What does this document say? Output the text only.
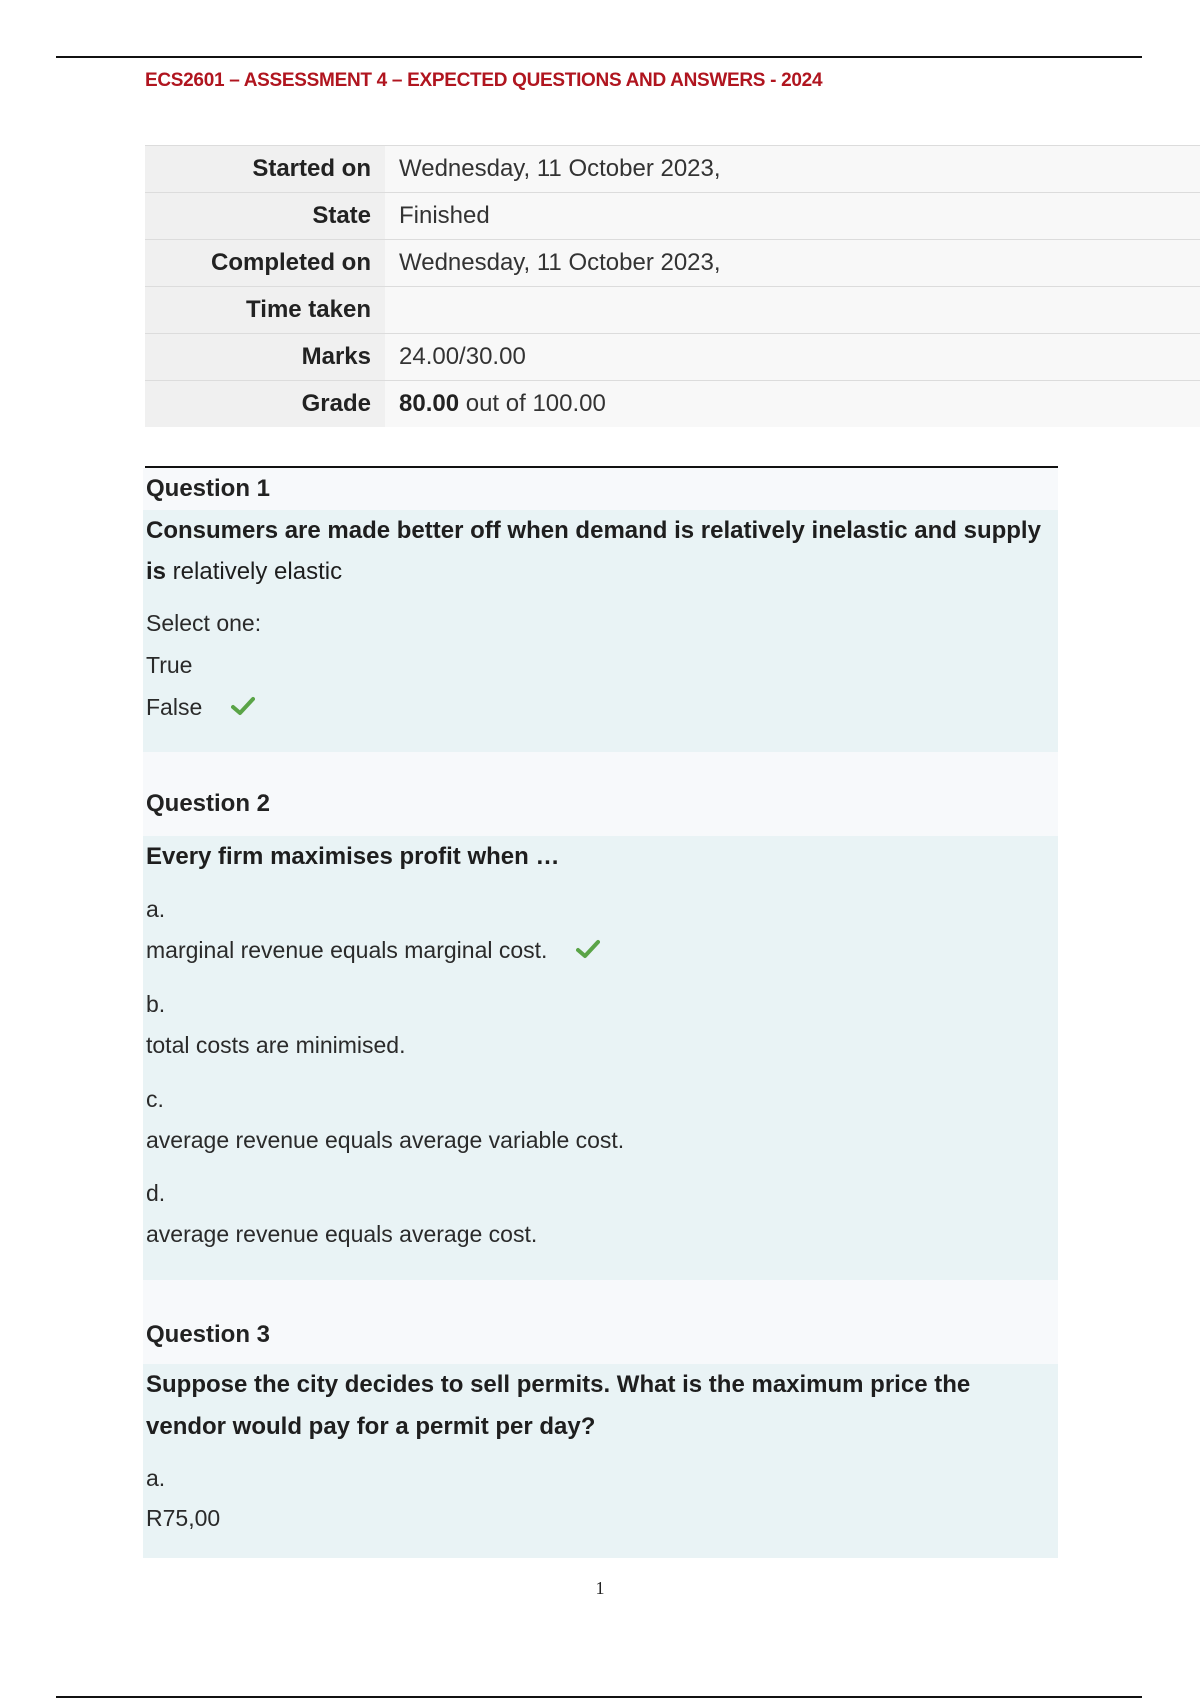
ECS2601 – ASSESSMENT 4 – EXPECTED QUESTIONS AND ANSWERS - 2024
Started on	Wednesday, 11 October 2023,
State	Finished
Completed on	Wednesday, 11 October 2023,
Time taken
Marks	24.00/30.00
Grade	80.00 out of 100.00
Question 1
Consumers are made better off when demand is relatively inelastic and supply is relatively elastic
Select one:
True
False
Question 2
Every firm maximises profit when …
a.
marginal revenue equals marginal cost.
b.
total costs are minimised.
c.
average revenue equals average variable cost.
d.
average revenue equals average cost.
Question 3
Suppose the city decides to sell permits. What is the maximum price the vendor would pay for a permit per day?
a.
R75,00
1
